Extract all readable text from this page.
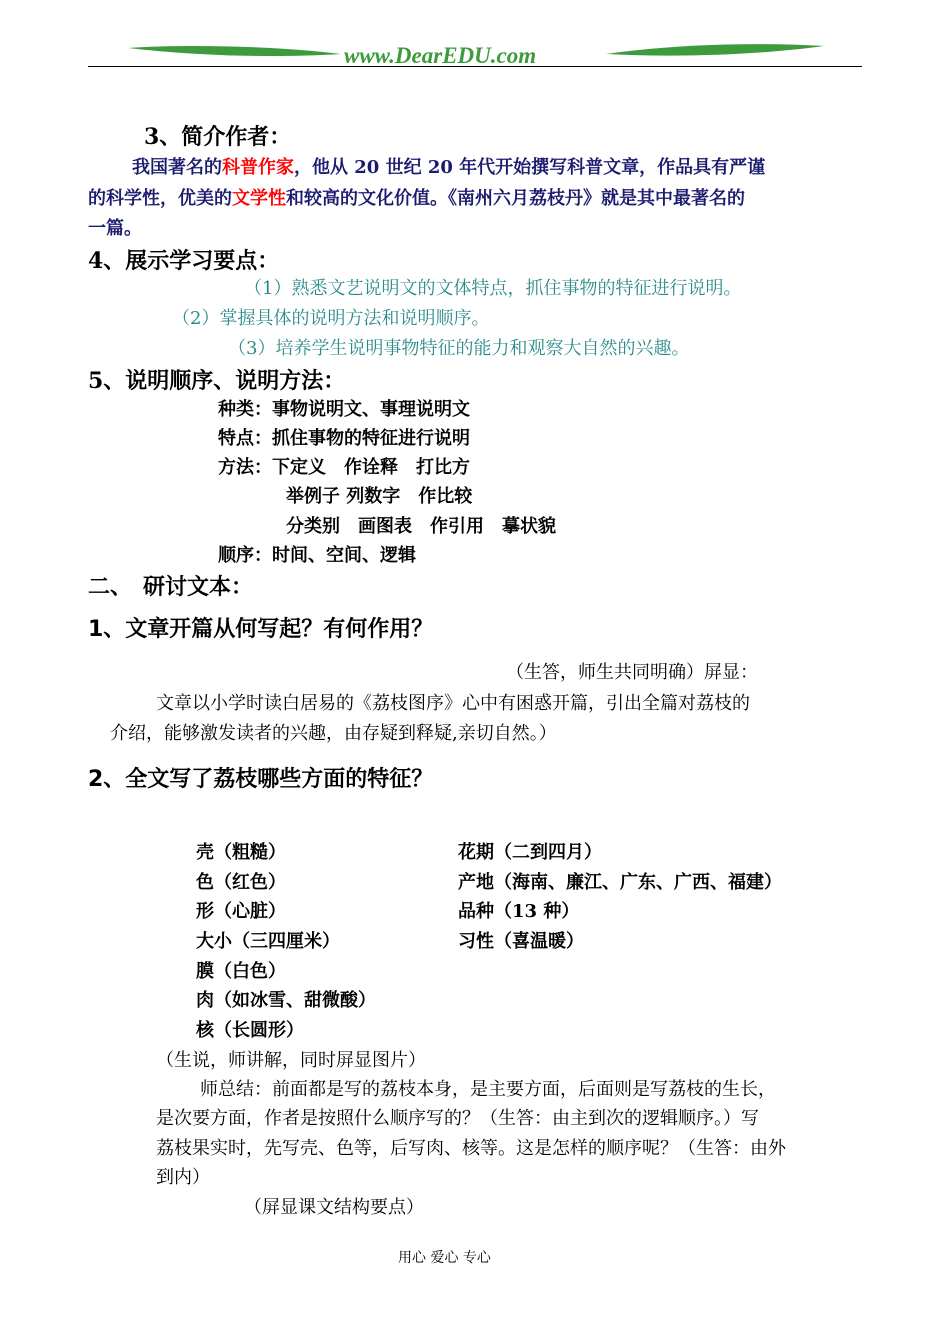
www.DearEDU.com
3、简介作者：
我国著名的科普作家，他从 20 世纪 20 年代开始撰写科普文章，作品具有严谨
的科学性，优美的文学性和较高的文化价值。《南州六月荔枝丹》就是其中最著名的
一篇。
4、展示学习要点：
（1）熟悉文艺说明文的文体特点，抓住事物的特征进行说明。
（2）掌握具体的说明方法和说明顺序。
（3）培养学生说明事物特征的能力和观察大自然的兴趣。
5、说明顺序、说明方法：
种类：事物说明文、事理说明文
特点：抓住事物的特征进行说明
方法：下定义　作诠释　打比方
举例子 列数字　作比较
分类别　画图表　作引用　摹状貌
顺序：时间、空间、逻辑
二、　研讨文本：
1、文章开篇从何写起？有何作用？
（生答，师生共同明确）屏显：
文章以小学时读白居易的《荔枝图序》心中有困惑开篇，引出全篇对荔枝的
介绍，能够激发读者的兴趣，由存疑到释疑,亲切自然。）
2、全文写了荔枝哪些方面的特征？
壳（粗糙）
色（红色）
形（心脏）
大小（三四厘米）
膜（白色）
肉（如冰雪、甜微酸）
核（长圆形）
花期（二到四月）
产地（海南、廉江、广东、广西、福建）
品种（13 种）
习性（喜温暖）
（生说，师讲解，同时屏显图片）
师总结：前面都是写的荔枝本身，是主要方面，后面则是写荔枝的生长，
是次要方面，作者是按照什么顺序写的？（生答：由主到次的逻辑顺序。）写
荔枝果实时，先写壳、色等，后写肉、核等。这是怎样的顺序呢？（生答：由外
到内）
（屏显课文结构要点）
用心 爱心 专心
